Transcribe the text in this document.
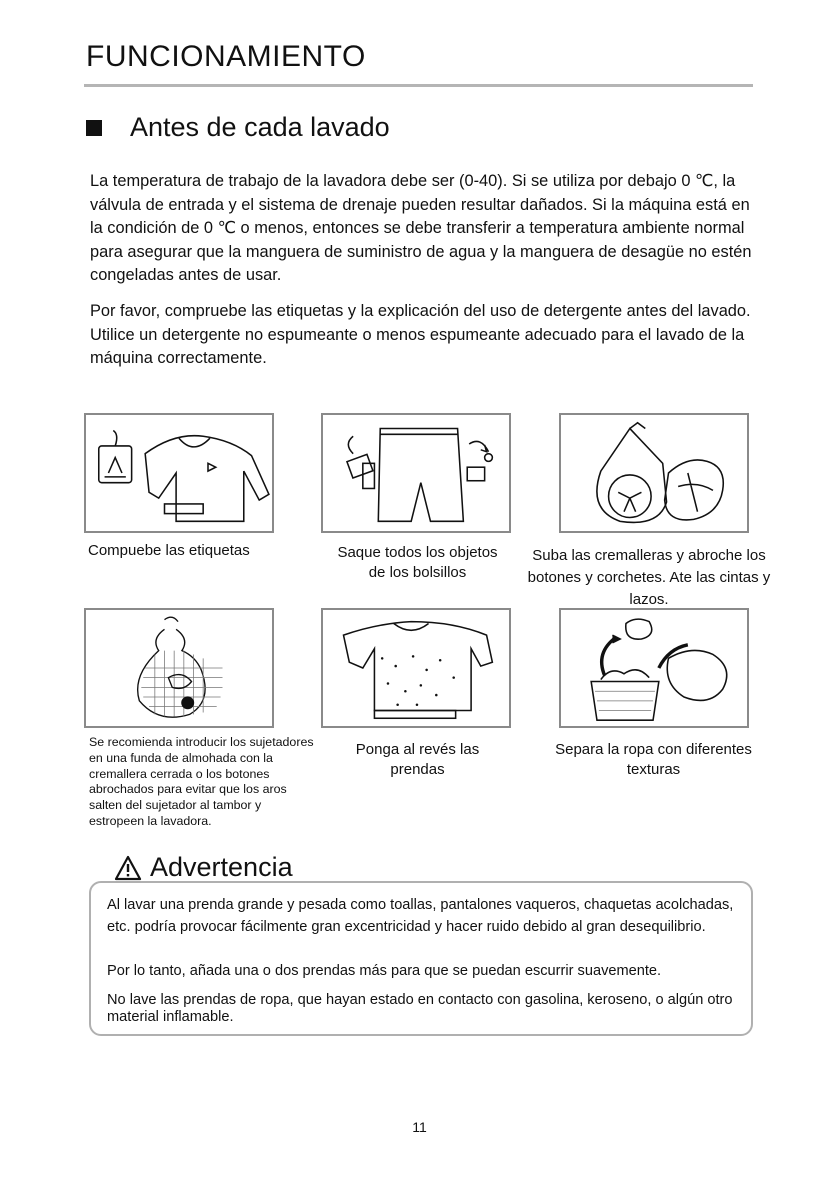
FUNCIONAMIENTO
Antes de cada lavado
La temperatura de trabajo de la lavadora debe ser (0-40). Si se utiliza por debajo 0 ℃, la válvula de entrada y el sistema de drenaje pueden resultar dañados. Si la máquina está en la condición de 0 ℃ o menos, entonces se debe transferir a temperatura ambiente normal para asegurar que la manguera de suministro de agua y la manguera de desagüe no estén congeladas antes de usar.
Por favor, compruebe las etiquetas y la explicación del uso de detergente antes del lavado. Utilice un detergente no espumeante o menos espumeante adecuado para el lavado de la máquina correctamente.
Compuebe las etiquetas	Saque todos los objetos de los bolsillos
Suba las cremalleras y abroche los botones y corchetes. Ate las cintas y lazos.
Se recomienda introducir los sujetadores en una funda de almohada con la cremallera cerrada o los botones abrochados para evitar que los aros salten del sujetador al tambor y estropeen la lavadora.
Ponga al revés las prendas
Separa la ropa con diferentes texturas
Advertencia
Al lavar una prenda grande y pesada como toallas, pantalones vaqueros, chaquetas acolchadas, etc. podría provocar fácilmente gran excentricidad y hacer ruido debido al gran desequilibrio.
Por lo tanto, añada una o dos prendas más para que se puedan escurrir suavemente.
No lave las prendas de ropa, que hayan estado en contacto con gasolina, keroseno, o algún otro material inflamable.
11
